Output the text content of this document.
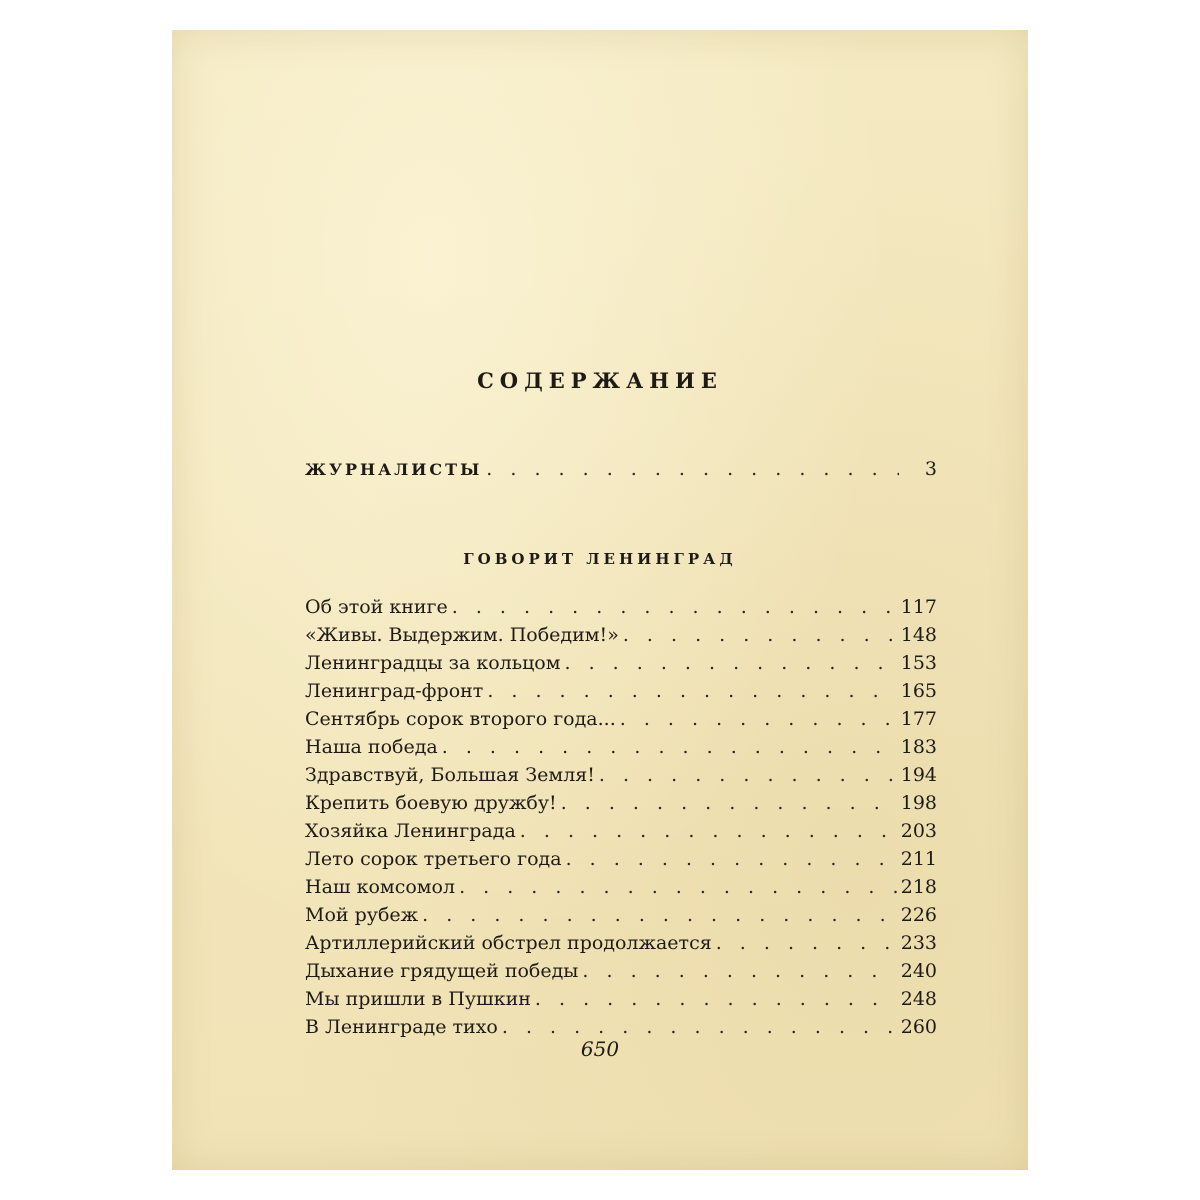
СОДЕРЖАНИЕ
ЖУРНАЛИСТЫ . . .	3
ГОВОРИТ ЛЕНИНГРАД
Об этой книге . . .	117
«Живы. Выдержим. Победим!» . . .	148
Ленинградцы за кольцом . . .	153
Ленинград-фронт . . .	165
Сентябрь сорок второго года... . . .	177
Наша победа . . .	183
Здравствуй, Большая Земля! . . .	194
Крепить боевую дружбу! . . .	198
Хозяйка Ленинграда . . .	203
Лето сорок третьего года . . .	211
Наш комсомол . . .	218
Мой рубеж . . .	226
Артиллерийский обстрел продолжается . . .	233
Дыхание грядущей победы . . .	240
Мы пришли в Пушкин . . .	248
В Ленинграде тихо . . .	260
650
